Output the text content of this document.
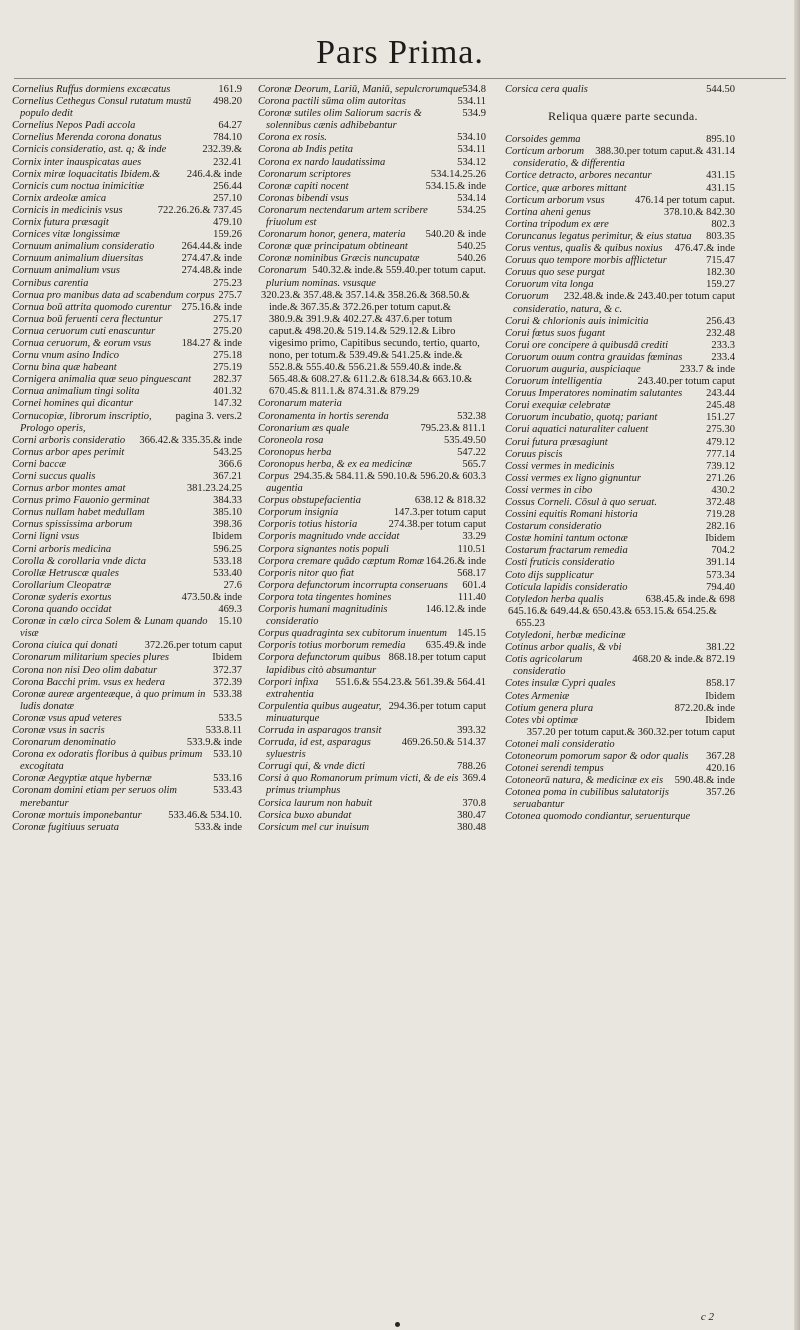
Pars Prima.
161.9
Cornelius Ruffus dormiens excæcatus
498.20
Cornelius Cethegus Consul rutatum mustū populo dedit
64.27
Cornelius Nepos Padi accola
784.10
Cornelius Merenda corona donatus
232.39.&
Cornicis consideratio, ast. q; & inde
232.41
Cornix inter inauspicatas aues
246.4.& inde
Cornix miræ loquacitatis Ibidem.&
256.44
Cornicis cum noctua inimicitiæ
257.10
Cornix ardeolæ amica
722.26.26.& 737.45
Cornicis in medicinis vsus
479.10
Cornix futura præsagit
159.26
Cornices vitæ longissimæ
264.44.& inde
Cornuum animalium consideratio
274.47.& inde
Cornuum animalium diuersitas
274.48.& inde
Cornuum animalium vsus
275.23
Cornibus carentia
275.7
Cornua pro manibus data ad scabendum corpus
275.16.& inde
Cornua boū attrita quomodo curentur
275.17
Cornua boū feruenti cera flectuntur
275.20
Cornua ceruorum cuti enascuntur
184.27 & inde
Cornua ceruorum, & eorum vsus
275.18
Cornu vnum asino Indico
275.19
Cornu bina quæ habeant
282.37
Cornigera animalia quæ seuo pinguescant
401.32
Cornua animalium tingi solita
147.32
Cornei homines qui dicantur
pagina 3. vers.2
Cornucopiæ, librorum inscriptio, Prologo operis,
366.42.& 335.35.& inde
Corni arboris consideratio
543.25
Cornus arbor apes perimit
366.6
Corni baccæ
367.21
Corni succus qualis
381.23.24.25
Cornus arbor montes amat
384.33
Cornus primo Fauonio germinat
385.10
Cornus nullam habet medullam
398.36
Cornus spississima arborum
Ibidem
Corni ligni vsus
596.25
Corni arboris medicina
533.18
Corolla & corollaria vnde dicta
533.40
Corollæ Hetruscæ quales
27.6
Corollarium Cleopatræ
473.50.& inde
Coronæ syderis exortus
469.3
Corona quando occidat
15.10
Coronæ in cælo circa Solem & Lunam quando visæ
372.26.per totum caput
Corona ciuica qui donati
Ibidem
Coronarum militarium species plures
372.37
Corona non nisi Deo olim dabatur
372.39
Corona Bacchi prim. vsus ex hedera
533.38
Coronæ aureæ argenteæque, à quo primum in ludis donatæ
533.5
Coronæ vsus apud veteres
533.8.11
Coronæ vsus in sacris
533.9.& inde
Coronarum denominatio
533.10
Corona ex odoratis floribus à quibus primum excogitata
533.16
Coronæ Aegyptiæ atque hybernæ
533.43
Coronam domini etiam per seruos olim merebantur
533.46.& 534.10.
Coronæ mortuis imponebantur
533.& inde
Coronæ fugitiuus seruata
534.8
Coronæ Deorum, Lariū, Maniū, sepulcrorumque
534.11
Corona pactili sūma olim autoritas
534.9
Coronæ sutiles olim Saliorum sacris & solennibus cænis adhibebantur
534.10
Corona ex rosis.
534.11
Corona ab Indis petita
534.12
Corona ex nardo laudatissima
534.14.25.26
Coronarum scriptores
534.15.& inde
Coronæ capiti nocent
534.14
Coronas bibendi vsus
534.25
Coronarum nectendarum artem scribere friuolum est
540.20 & inde
Coronarum honor, genera, materia
540.25
Coronæ quæ principatum obtineant
540.26
Coronæ nominibus Græcis nuncupatæ
540.32.& inde.& 559.40.per totum caput.
Coronarum plurium nominas. vsusque
320.23.& 357.48.& 357.14.& 358.26.& 368.50.& inde.& 367.35.& 372.26.per totum caput.& 380.9.& 391.9.& 402.27.& 437.6.per totum caput.& 498.20.& 519.14.& 529.12.& Libro vigesimo primo, Capitibus secundo, tertio, quarto, nono, per totum.& 539.49.& 541.25.& inde.& 552.8.& 555.40.& 556.21.& 559.40.& inde.& 565.48.& 608.27.& 611.2.& 618.34.& 663.10.& 670.45.& 811.1.& 874.31.& 879.29
Coronarum materia
532.38
Coronamenta in hortis serenda
795.23.& 811.1
Coronarium æs quale
535.49.50
Coroneola rosa
547.22
Coronopus herba
565.7
Coronopus herba, & ex ea medicinæ
294.35.& 584.11.& 590.10.& 596.20.& 603.3
Corpus augentia
638.12 & 818.32
Corpus obstupefacientia
147.3.per totum caput
Corporum insignia
274.38.per totum caput
Corporis totius historia
33.29
Corporis magnitudo vnde accidat
110.51
Corpora signantes notis populi
164.26.& inde
Corpora cremare quādo cæptum Romæ
568.17
Corporis nitor quo fiat
601.4
Corpora defunctorum incorrupta conseruans
111.40
Corpora tota tingentes homines
146.12.& inde
Corporis humani magnitudinis consideratio
145.15
Corpus quadraginta sex cubitorum inuentum
635.49.& inde
Corporis totius morborum remedia
868.18.per totum caput
Corpora defunctorum quibus lapidibus citò absumantur
551.6.& 554.23.& 561.39.& 564.41
Corpori infixa extrahentia
294.36.per totum caput
Corpulentia quibus augeatur, minuaturque
393.32
Corruda in asparagos transit
469.26.50.& 514.37
Corruda, id est, asparagus syluestris
788.26
Corrugi qui, & vnde dicti
369.4
Corsi à quo Romanorum primum victi, & de eis primus triumphus
370.8
Corsica laurum non habuit
380.47
Corsica buxo abundat
380.48
Corsicum mel cur inuisum
544.50
Corsica cera qualis
Reliqua quære parte secunda.
895.10
Corsoides gemma
388.30.per totum caput.& 431.14
Corticum arborum consideratio, & differentia
431.15
Cortice detracto, arbores necantur
431.15
Cortice, quæ arbores mittant
476.14 per totum caput.
Corticum arborum vsus
378.10.& 842.30
Cortina aheni genus
802.3
Cortina tripodum ex ære
803.35
Coruncanus legatus perimitur, & eius statua
476.47.& inde
Corus ventus, qualis & quibus noxius
715.47
Coruus quo tempore morbis afflictetur
182.30
Coruus quo sese purgat
159.27
Coruorum vita longa
232.48.& inde.& 243.40.per totum caput
Coruorum consideratio, natura, & c.
256.43
Corui & chlorionis auis inimicitia
232.48
Corui fœtus suos fugant
233.3
Corui ore concipere à quibusdā crediti
233.4
Coruorum ouum contra grauidas fœminas
233.7 & inde
Coruorum auguria, auspiciaque
243.40.per totum caput
Coruorum intelligentia
243.44
Coruus Imperatores nominatim salutantes
245.48
Corui exequiæ celebratæ
151.27
Coruorum incubatio, quotq; pariant
275.30
Corui aquatici naturaliter caluent
479.12
Corui futura præsagiunt
777.14
Coruus piscis
739.12
Cossi vermes in medicinis
271.26
Cossi vermes ex ligno gignuntur
430.2
Cossi vermes in cibo
372.48
Cossus Corneli. Cōsul à quo seruat.
719.28
Cossini equitis Romani historia
282.16
Costarum consideratio
Ibidem
Costæ homini tantum octonæ
704.2
Costarum fractarum remedia
391.14
Costi fruticis consideratio
573.34
Coto dijs supplicatur
794.40
Coticula lapidis consideratio
638.45.& inde.& 698
Cotyledon herba qualis
645.16.& 649.44.& 650.43.& 653.15.& 654.25.& 655.23
Cotyledoni, herbæ medicinæ
381.22
Cotinus arbor qualis, & vbi
468.20 & inde.& 872.19
Cotis agricolarum consideratio
858.17
Cotes insulæ Cypri quales
Ibidem
Cotes Armeniæ
872.20.& inde
Cotium genera plura
Ibidem
Cotes vbi optimæ
357.20 per totum caput.& 360.32.per totum caput
Cotonei mali consideratio
367.28
Cotoneorum pomorum sapor & odor qualis
420.16
Cotonei serendi tempus
590.48.& inde
Cotoneorū natura, & medicinæ ex eis
357.26
Cotonea poma in cubilibus salutatorijs seruabantur
Cotonea quomodo condiantur, seruenturque
c 2
